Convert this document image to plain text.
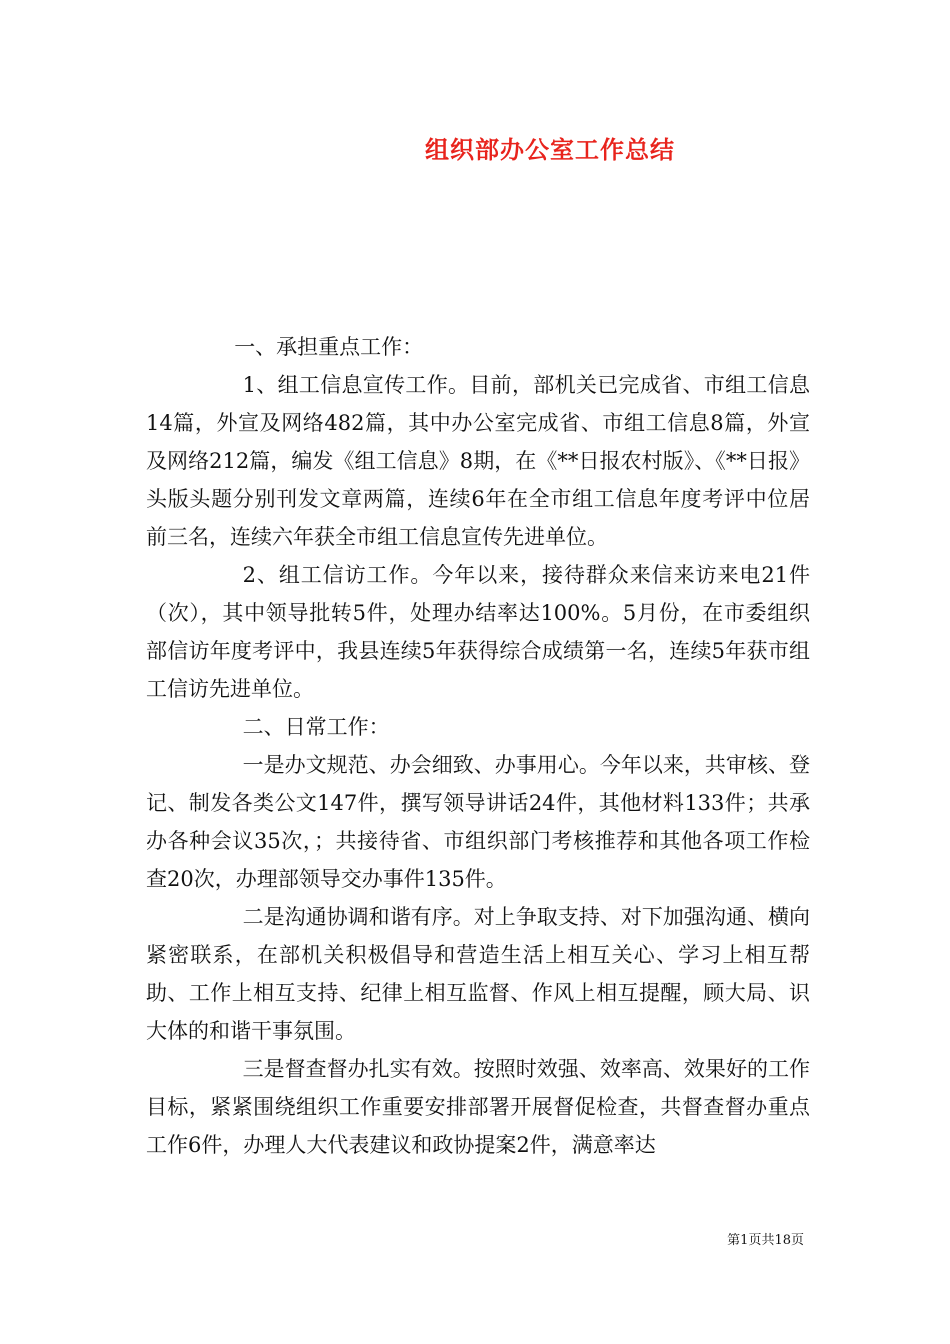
组织部办公室工作总结

一、承担重点工作：

1、组工信息宣传工作。目前，部机关已完成省、市组工信息14篇，外宣及网络482篇，其中办公室完成省、市组工信息8篇，外宣及网络212篇，编发《组工信息》8期，在《**日报农村版》、《**日报》头版头题分别刊发文章两篇，连续6年在全市组工信息年度考评中位居前三名，连续六年获全市组工信息宣传先进单位。

2、组工信访工作。今年以来，接待群众来信来访来电21件（次），其中领导批转5件，处理办结率达100%。5月份，在市委组织部信访年度考评中，我县连续5年获得综合成绩第一名，连续5年获市组工信访先进单位。

二、日常工作：

一是办文规范、办会细致、办事用心。今年以来，共审核、登记、制发各类公文147件，撰写领导讲话24件，其他材料133件；共承办各种会议35次，；共接待省、市组织部门考核推荐和其他各项工作检查20次，办理部领导交办事件135件。

二是沟通协调和谐有序。对上争取支持、对下加强沟通、横向紧密联系，在部机关积极倡导和营造生活上相互关心、学习上相互帮助、工作上相互支持、纪律上相互监督、作风上相互提醒，顾大局、识大体的和谐干事氛围。

三是督查督办扎实有效。按照时效强、效率高、效果好的工作目标，紧紧围绕组织工作重要安排部署开展督促检查，共督查督办重点工作6件，办理人大代表建议和政协提案2件，满意率达

第1页共18页
